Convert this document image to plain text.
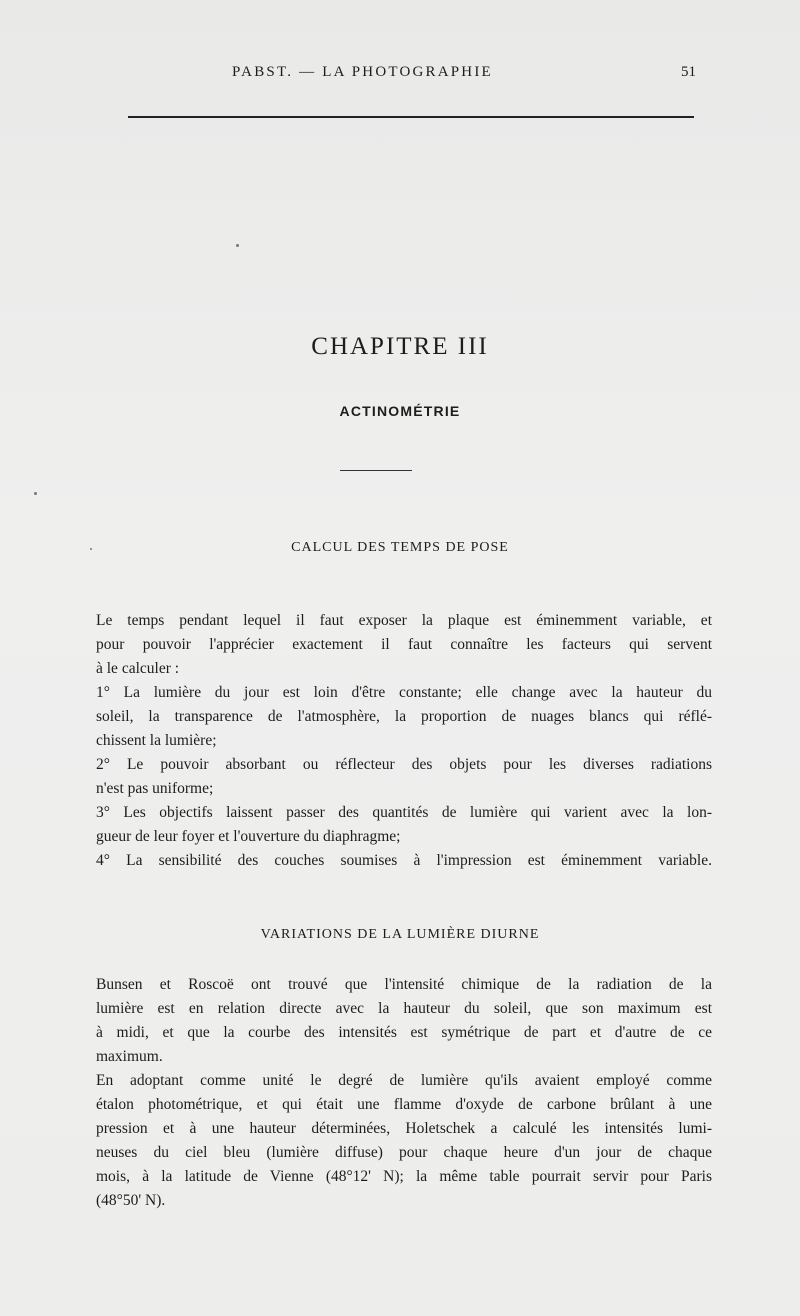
PABST. — LA PHOTOGRAPHIE	51
CHAPITRE III
ACTINOMÉTRIE
CALCUL DES TEMPS DE POSE
Le temps pendant lequel il faut exposer la plaque est éminemment variable, et
pour pouvoir l'apprécier exactement il faut connaître les facteurs qui servent
à le calculer :
1° La lumière du jour est loin d'être constante; elle change avec la hauteur du
soleil, la transparence de l'atmosphère, la proportion de nuages blancs qui réflé-
chissent la lumière;
2° Le pouvoir absorbant ou réflecteur des objets pour les diverses radiations
n'est pas uniforme;
3° Les objectifs laissent passer des quantités de lumière qui varient avec la lon-
gueur de leur foyer et l'ouverture du diaphragme;
4° La sensibilité des couches soumises à l'impression est éminemment variable.
VARIATIONS DE LA LUMIÈRE DIURNE
Bunsen et Roscoë ont trouvé que l'intensité chimique de la radiation de la
lumière est en relation directe avec la hauteur du soleil, que son maximum est
à midi, et que la courbe des intensités est symétrique de part et d'autre de ce
maximum.
En adoptant comme unité le degré de lumière qu'ils avaient employé comme
étalon photométrique, et qui était une flamme d'oxyde de carbone brûlant à une
pression et à une hauteur déterminées, Holetschek a calculé les intensités lumi-
neuses du ciel bleu (lumière diffuse) pour chaque heure d'un jour de chaque
mois, à la latitude de Vienne (48°12' N); la même table pourrait servir pour Paris
(48°50' N).
